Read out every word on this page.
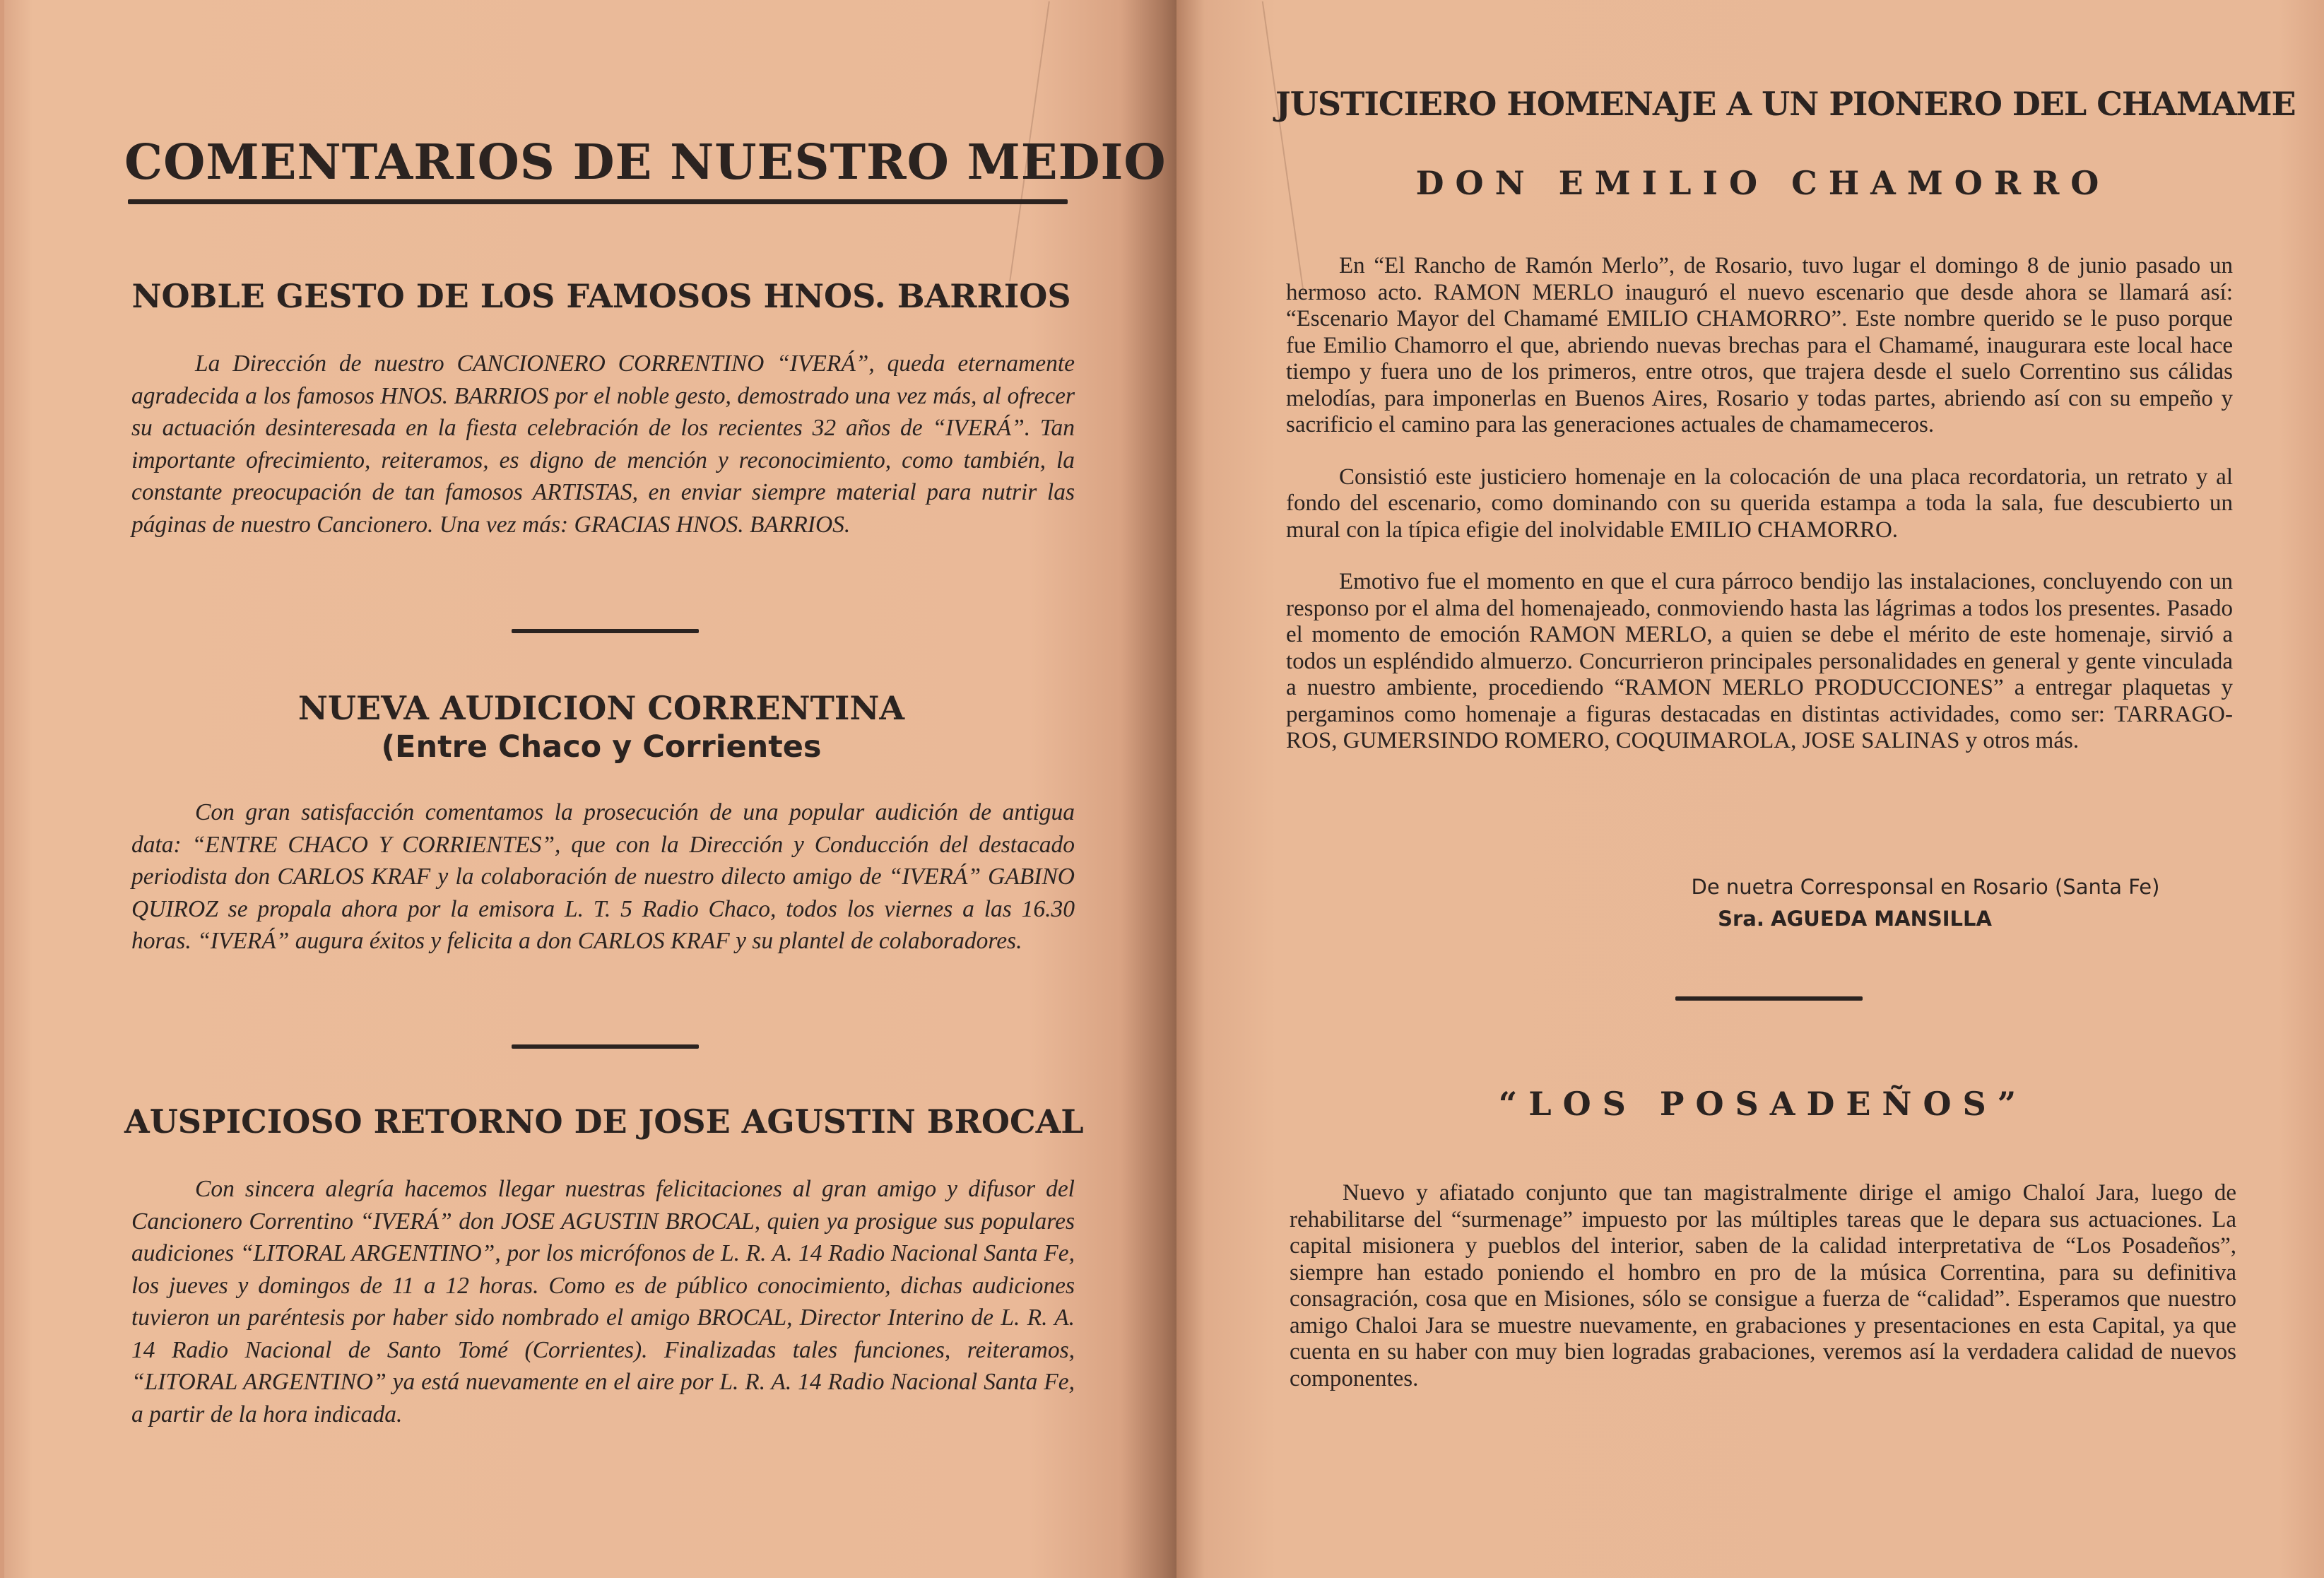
COMENTARIOS DE NUESTRO MEDIO
NOBLE GESTO DE LOS FAMOSOS HNOS. BARRIOS
La Dirección de nuestro CANCIONERO CORRENTINO “IVERÁ”, queda eternamente agradecida a los famosos HNOS. BARRIOS por el noble gesto, demostrado una vez más, al ofrecer su actuación desinteresada en la fiesta celebración de los recientes 32 años de “IVERÁ”. Tan importante ofrecimiento, reiteramos, es digno de mención y reconocimiento, como también, la constante preocupación de tan famosos ARTISTAS, en enviar siempre material para nutrir las páginas de nuestro Cancionero. Una vez más: GRACIAS HNOS. BARRIOS.
NUEVA AUDICION CORRENTINA
(Entre Chaco y Corrientes
Con gran satisfacción comentamos la prosecución de una popular audición de antigua data: “ENTRE CHACO Y CORRIENTES”, que con la Dirección y Conducción del destacado periodista don CARLOS KRAF y la colaboración de nuestro dilecto amigo de “IVERÁ” GABINO QUIROZ se propala ahora por la emisora L. T. 5 Radio Chaco, todos los viernes a las 16.30 horas. “IVERÁ” augura éxitos y felicita a don CARLOS KRAF y su plantel de colaboradores.
AUSPICIOSO RETORNO DE JOSE AGUSTIN BROCAL
Con sincera alegría hacemos llegar nuestras felicitaciones al gran amigo y difusor del Cancionero Correntino “IVERÁ” don JOSE AGUSTIN BROCAL, quien ya prosigue sus populares audiciones “LITORAL ARGENTINO”, por los micrófonos de L. R. A. 14 Radio Nacional Santa Fe, los jueves y domingos de 11 a 12 horas. Como es de público conocimiento, dichas audiciones tuvieron un paréntesis por haber sido nombrado el amigo BROCAL, Director Interino de L. R. A. 14 Radio Nacional de Santo Tomé (Corrientes). Finalizadas tales funciones, reiteramos, “LITORAL ARGENTINO” ya está nuevamente en el aire por L. R. A. 14 Radio Nacional Santa Fe, a partir de la hora indicada.
JUSTICIERO HOMENAJE A UN PIONERO DEL CHAMAME
DON EMILIO CHAMORRO

En “El Rancho de Ramón Merlo”, de Rosario, tuvo lugar el domingo 8 de junio pasado un hermoso acto. RAMON MERLO inauguró el nuevo escenario que desde ahora se llamará así: “Escenario Mayor del Chamamé EMILIO CHAMORRO”. Este nombre querido se le puso porque fue Emilio Chamorro el que, abriendo nuevas brechas para el Chamamé, inaugurara este local hace tiempo y fuera uno de los primeros, entre otros, que trajera desde el suelo Correntino sus cálidas melodías, para imponerlas en Buenos Aires, Rosario y todas partes, abriendo así con su empeño y sacrificio el camino para las generaciones actuales de chamameceros.

Consistió este justiciero homenaje en la colocación de una placa recordatoria, un retrato y al fondo del escenario, como dominando con su querida estampa a toda la sala, fue descubierto un mural con la típica efigie del inolvidable EMILIO CHAMORRO.

Emotivo fue el momento en que el cura párroco bendijo las instalaciones, concluyendo con un responso por el alma del homenajeado, conmoviendo hasta las lágrimas a todos los presentes. Pasado el momento de emoción RAMON MERLO, a quien se debe el mérito de este homenaje, sirvió a todos un espléndido almuerzo. Concurrieron principales personalidades en general y gente vinculada a nuestro ambiente, procediendo “RAMON MERLO PRODUCCIONES” a entregar plaquetas y pergaminos como homenaje a figuras destacadas en distintas actividades, como ser: TARRAGO-ROS, GUMERSINDO ROMERO, COQUIMAROLA, JOSE SALINAS y otros más.

De nuetra Corresponsal en Rosario (Santa Fe)
Sra. AGUEDA MANSILLA
“LOS POSADEÑOS”
Nuevo y afiatado conjunto que tan magistralmente dirige el amigo Chaloí Jara, luego de rehabilitarse del “surmenage” impuesto por las múltiples tareas que le depara sus actuaciones. La capital misionera y pueblos del interior, saben de la calidad interpretativa de “Los Posadeños”, siempre han estado poniendo el hombro en pro de la música Correntina, para su definitiva consagración, cosa que en Misiones, sólo se consigue a fuerza de “calidad”. Esperamos que nuestro amigo Chaloi Jara se muestre nuevamente, en grabaciones y presentaciones en esta Capital, ya que cuenta en su haber con muy bien logradas grabaciones, veremos así la verdadera calidad de nuevos componentes.
